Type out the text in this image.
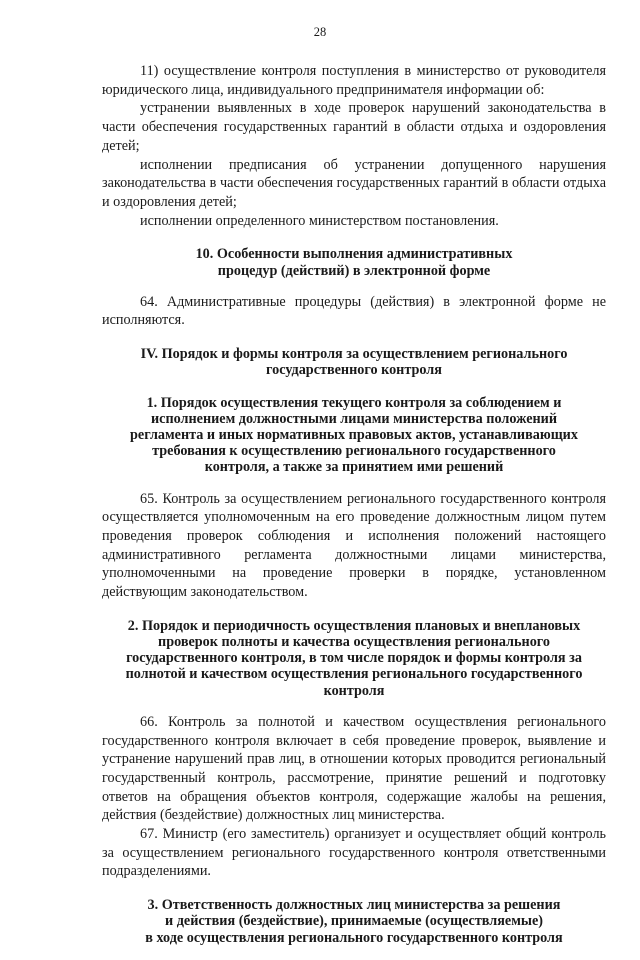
28

11) осуществление контроля поступления в министерство от руководителя юридического лица, индивидуального предпринимателя информации об:

устранении выявленных в ходе проверок нарушений законодательства в части обеспечения государственных гарантий в области отдыха и оздоровления детей;

исполнении предписания об устранении допущенного нарушения законодательства в части обеспечения государственных гарантий в области отдыха и оздоровления детей;

исполнении определенного министерством постановления.

10. Особенности выполнения административных
процедур (действий) в электронной форме

64. Административные процедуры (действия) в электронной форме не исполняются.

IV. Порядок и формы контроля за осуществлением регионального
государственного контроля
1. Порядок осуществления текущего контроля за соблюдением и
исполнением должностными лицами министерства положений
регламента и иных нормативных правовых актов, устанавливающих
требования к осуществлению регионального государственного
контроля, а также за принятием ими решений

65. Контроль за осуществлением регионального государственного контроля осуществляется уполномоченным на его проведение должностным лицом путем проведения проверок соблюдения и исполнения положений настоящего административного регламента должностными лицами министерства, уполномоченными на проведение проверки в порядке, установленном действующим законодательством.

2. Порядок и периодичность осуществления плановых и внеплановых
проверок полноты и качества осуществления регионального
государственного контроля, в том числе порядок и формы контроля за
полнотой и качеством осуществления регионального государственного
контроля

66. Контроль за полнотой и качеством осуществления регионального государственного контроля включает в себя проведение проверок, выявление и устранение нарушений прав лиц, в отношении которых проводится региональный государственный контроль, рассмотрение, принятие решений и подготовку ответов на обращения объектов контроля, содержащие жалобы на решения, действия (бездействие) должностных лиц министерства.

67. Министр (его заместитель) организует и осуществляет общий контроль за осуществлением регионального государственного контроля ответственными подразделениями.

3. Ответственность должностных лиц министерства за решения
и действия (бездействие), принимаемые (осуществляемые)
в ходе осуществления регионального государственного контроля
